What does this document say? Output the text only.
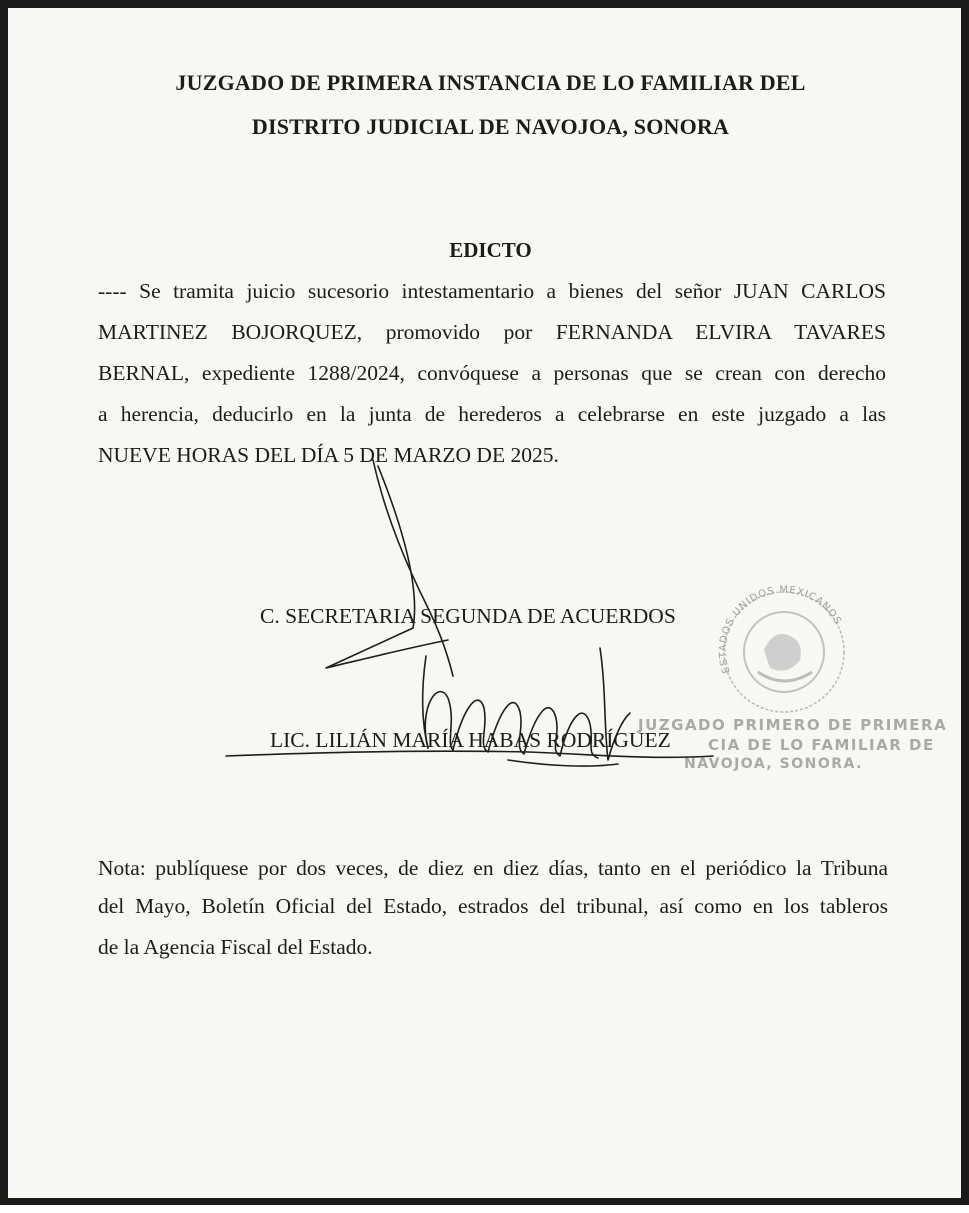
JUZGADO DE PRIMERA INSTANCIA DE LO FAMILIAR DEL

DISTRITO JUDICIAL DE NAVOJOA, SONORA

EDICTO

---- Se tramita juicio sucesorio intestamentario a bienes del señor JUAN CARLOS

MARTINEZ BOJORQUEZ, promovido por FERNANDA ELVIRA TAVARES

BERNAL, expediente 1288/2024, convóquese a personas que se crean con derecho

a herencia, deducirlo en la junta de herederos a celebrarse en este juzgado a las

NUEVE HORAS DEL DÍA 5 DE MARZO DE 2025.

C. SECRETARIA SEGUNDA DE ACUERDOS

LIC. LILIÁN MARÍA HABAS RODRÍGUEZ

ESTADOS UNIDOS MEXICANOS
JUZGADO PRIMERO DE PRIMERA
CIA DE LO FAMILIAR DE
NAVOJOA, SONORA.

Nota: publíquese por dos veces, de diez en diez días, tanto en el periódico la Tribuna

del Mayo, Boletín Oficial del Estado, estrados del tribunal, así como en los tableros

de la Agencia Fiscal del Estado.
